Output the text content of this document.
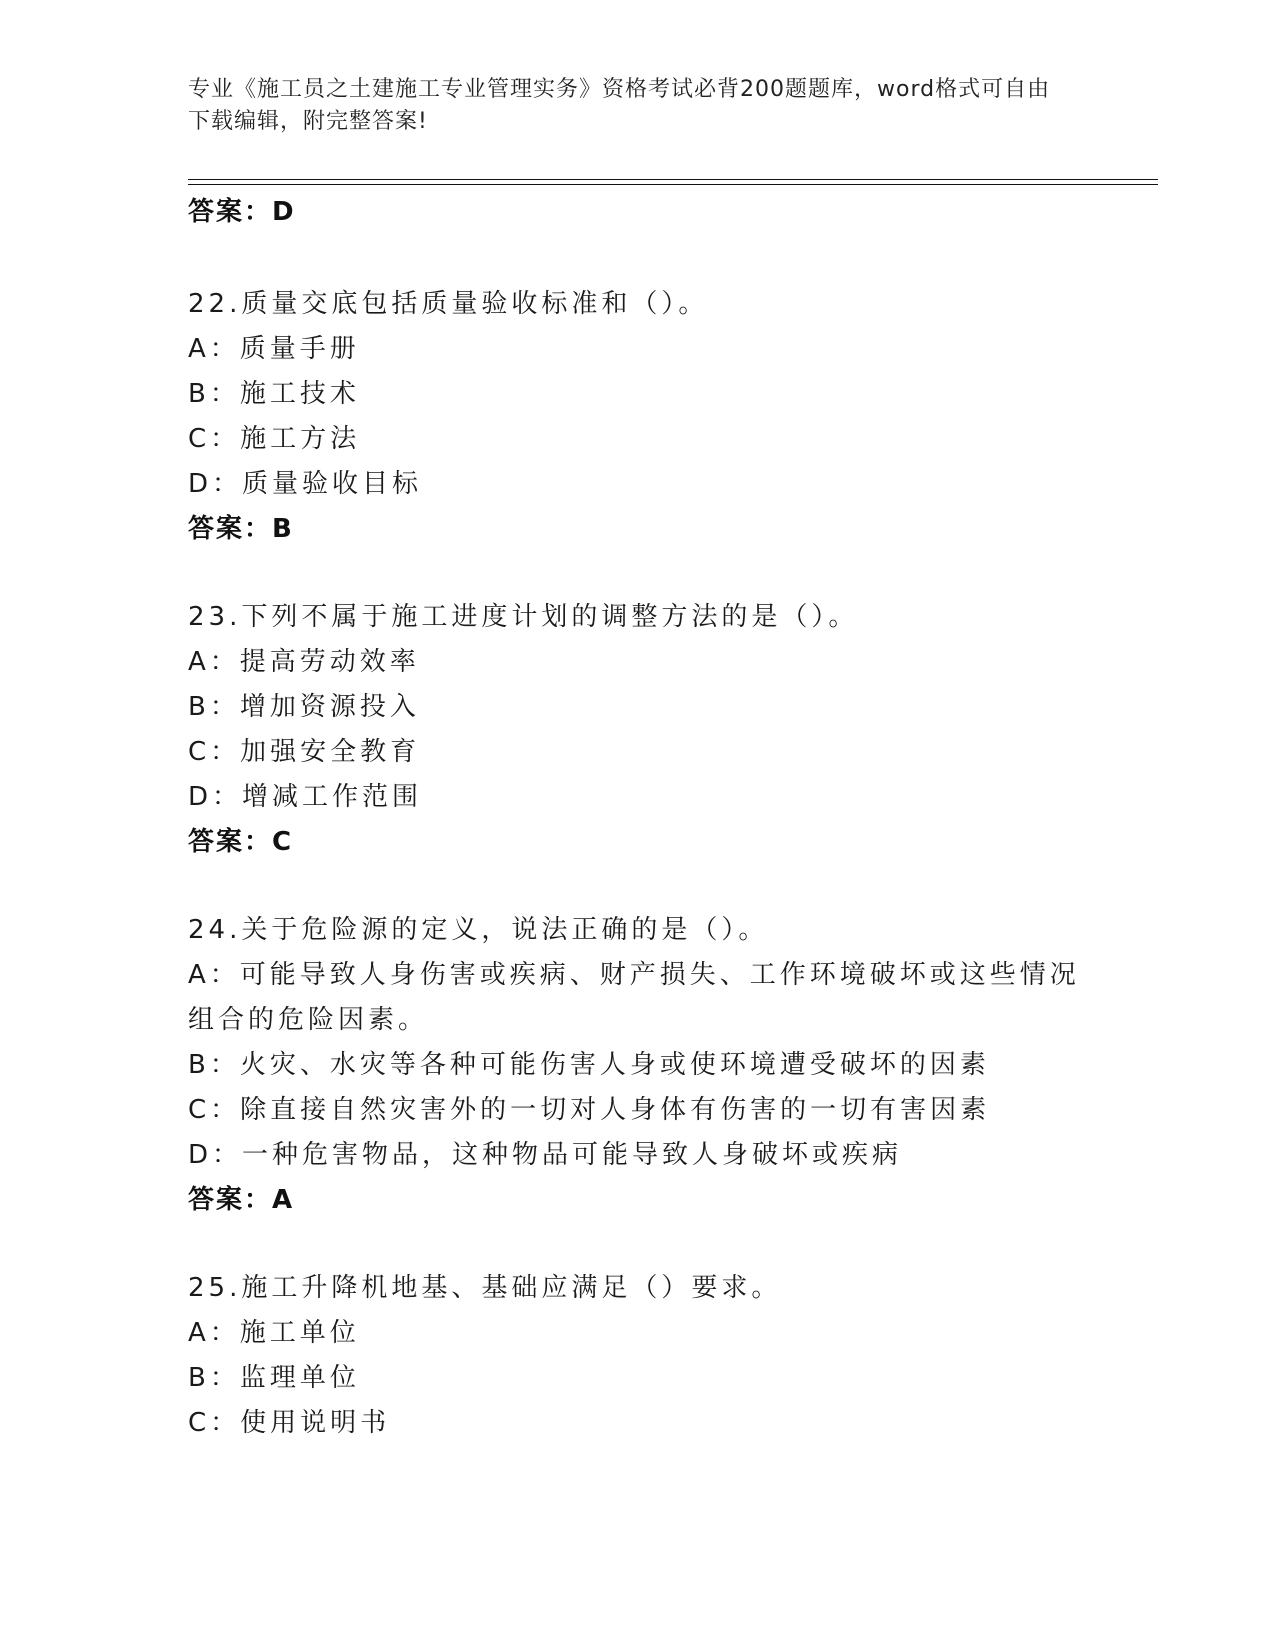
专业《施工员之土建施工专业管理实务》资格考试必背200题题库，word格式可自由下载编辑，附完整答案!
答案：D
22.质量交底包括质量验收标准和（）。
A：质量手册
B：施工技术
C：施工方法
D：质量验收目标
答案：B
23.下列不属于施工进度计划的调整方法的是（）。
A：提高劳动效率
B：增加资源投入
C：加强安全教育
D：增减工作范围
答案：C
24.关于危险源的定义，说法正确的是（）。
A：可能导致人身伤害或疾病、财产损失、工作环境破坏或这些情况组合的危险因素。
B：火灾、水灾等各种可能伤害人身或使环境遭受破坏的因素
C：除直接自然灾害外的一切对人身体有伤害的一切有害因素
D：一种危害物品，这种物品可能导致人身破坏或疾病
答案：A
25.施工升降机地基、基础应满足（）要求。
A：施工单位
B：监理单位
C：使用说明书
